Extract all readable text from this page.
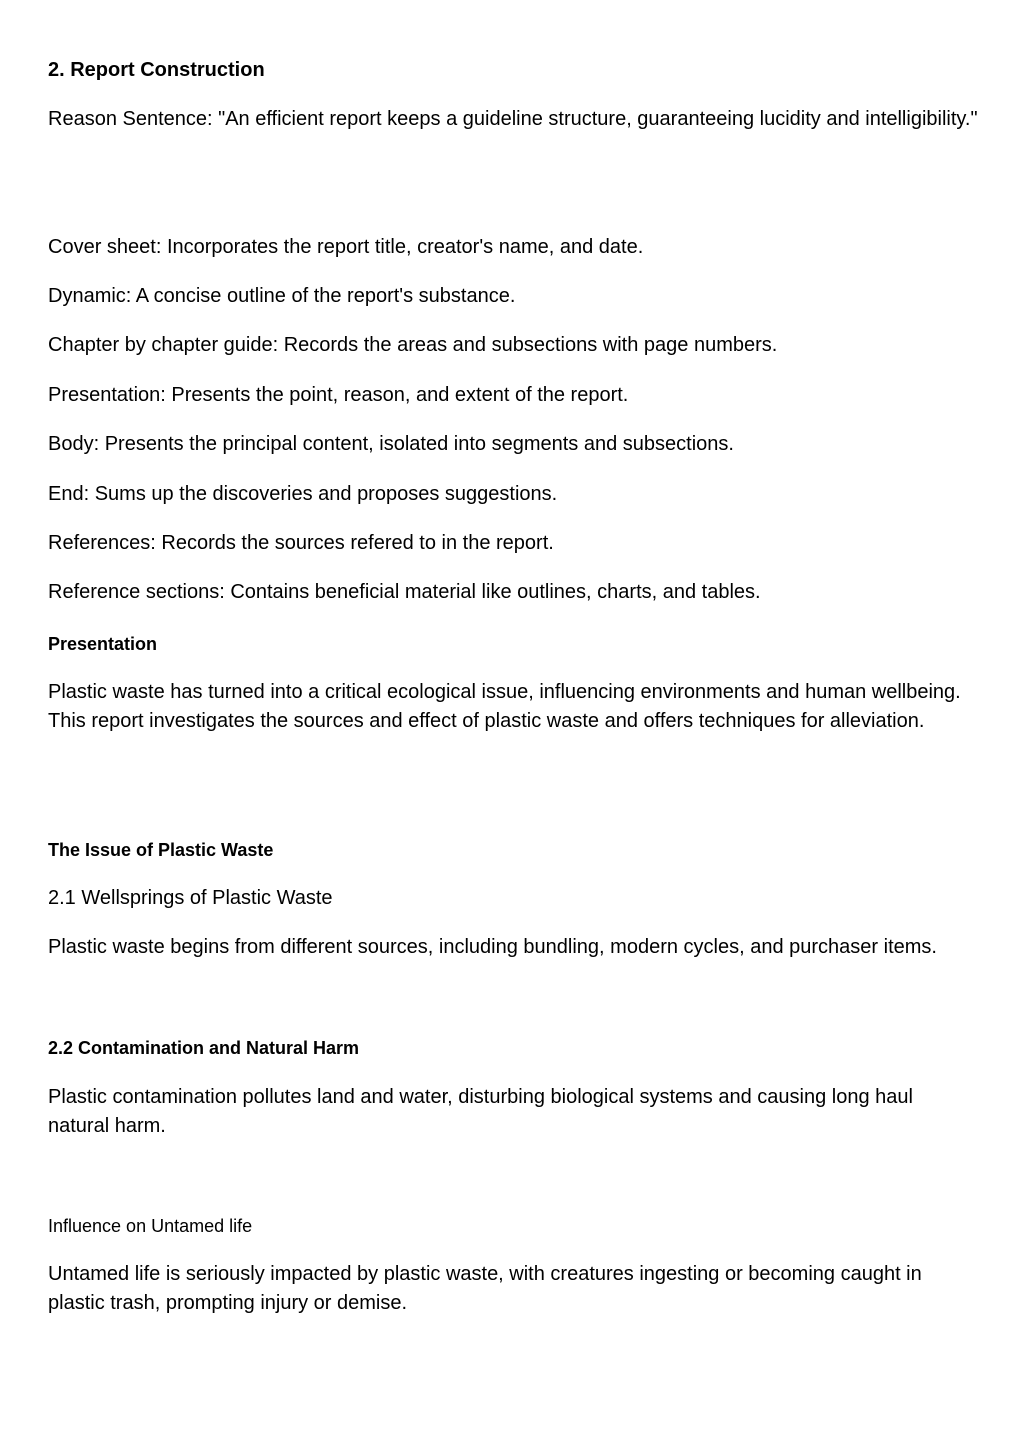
2. Report Construction

Reason Sentence: "An efficient report keeps a guideline structure, guaranteeing lucidity and intelligibility."

Cover sheet: Incorporates the report title, creator's name, and date.

Dynamic: A concise outline of the report's substance.

Chapter by chapter guide: Records the areas and subsections with page numbers.

Presentation: Presents the point, reason, and extent of the report.

Body: Presents the principal content, isolated into segments and subsections.

End: Sums up the discoveries and proposes suggestions.

References: Records the sources refered to in the report.

Reference sections: Contains beneficial material like outlines, charts, and tables.

Presentation

Plastic waste has turned into a critical ecological issue, influencing environments and human wellbeing. This report investigates the sources and effect of plastic waste and offers techniques for alleviation.

The Issue of Plastic Waste

2.1 Wellsprings of Plastic Waste

Plastic waste begins from different sources, including bundling, modern cycles, and purchaser items.

2.2 Contamination and Natural Harm

Plastic contamination pollutes land and water, disturbing biological systems and causing long haul natural harm.

Influence on Untamed life

Untamed life is seriously impacted by plastic waste, with creatures ingesting or becoming caught in plastic trash, prompting injury or demise.
